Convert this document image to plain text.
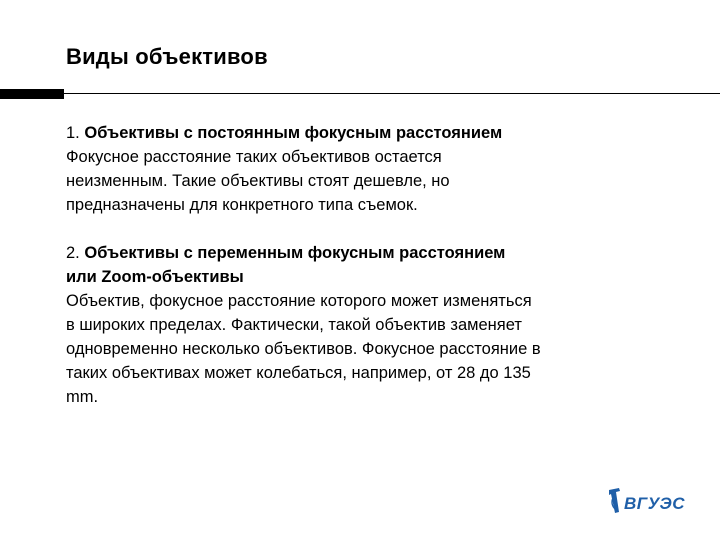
Виды объективов
1. Объективы с постоянным фокусным расстоянием
Фокусное расстояние таких объективов остается
неизменным. Такие объективы стоят дешевле, но
предназначены для конкретного типа съемок.
2. Объективы с переменным фокусным расстоянием
или Zoom-объективы
Объектив, фокусное расстояние которого может изменяться
в широких пределах. Фактически, такой объектив заменяет
одновременно несколько объективов. Фокусное расстояние в
таких объективах может колебаться, например, от 28 до 135
mm.
ВГУЭС
